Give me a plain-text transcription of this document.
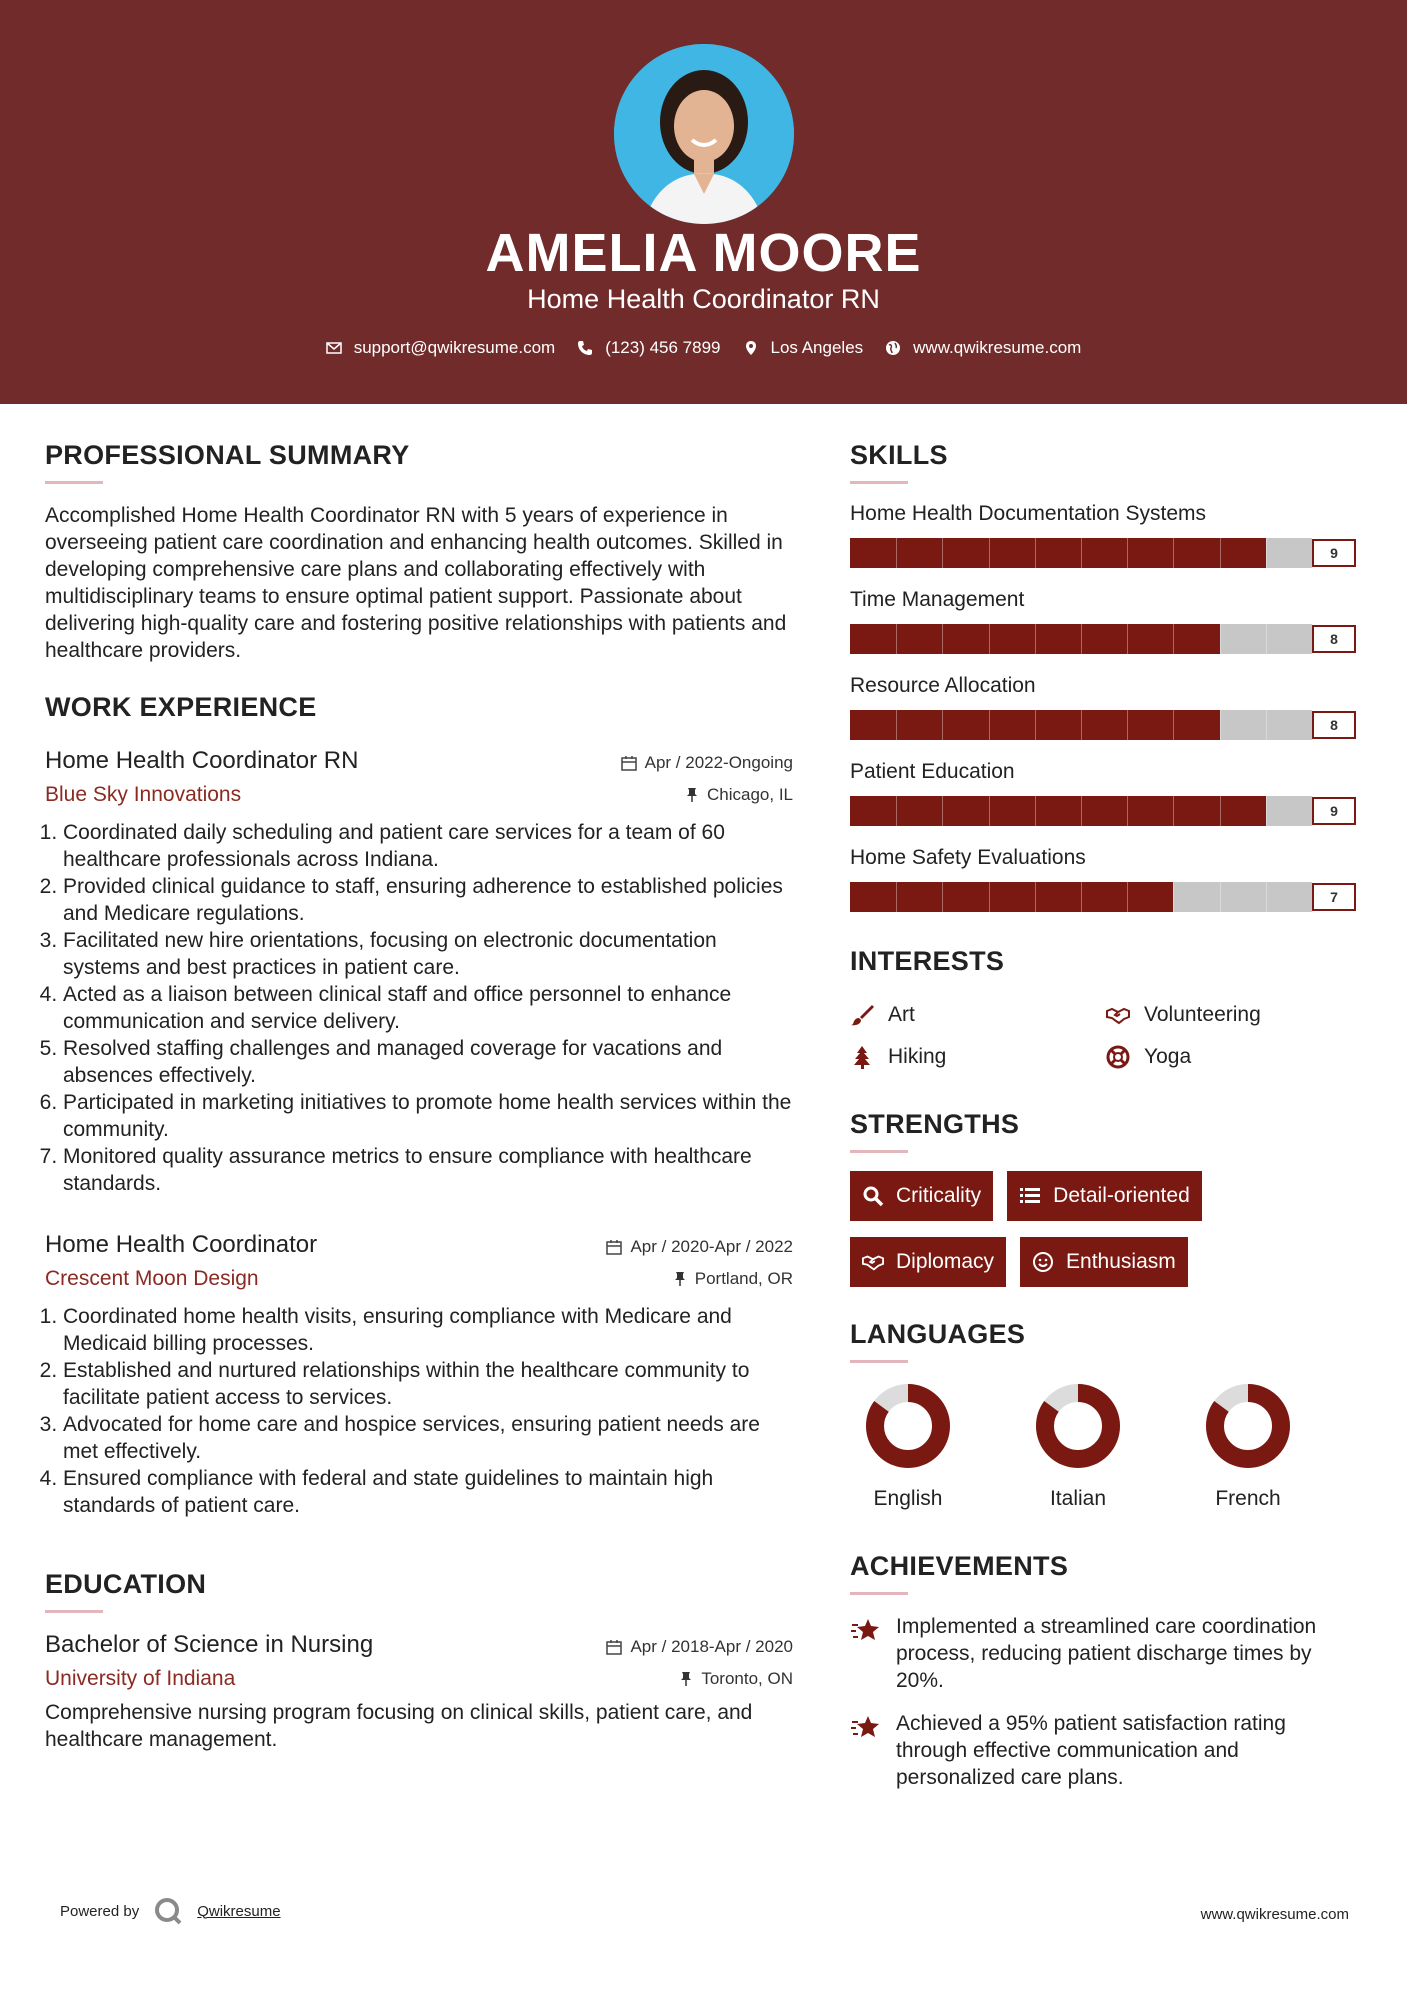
AMELIA MOORE
Home Health Coordinator RN
support@qwikresume.com	(123) 456 7899	Los Angeles	www.qwikresume.com
PROFESSIONAL SUMMARY
Accomplished Home Health Coordinator RN with 5 years of experience in overseeing patient care coordination and enhancing health outcomes. Skilled in developing comprehensive care plans and collaborating effectively with multidisciplinary teams to ensure optimal patient support. Passionate about delivering high-quality care and fostering positive relationships with patients and healthcare providers.
WORK EXPERIENCE
Home Health Coordinator RN	Apr / 2022-Ongoing
Blue Sky Innovations	Chicago, IL
1. Coordinated daily scheduling and patient care services for a team of 60 healthcare professionals across Indiana.
2. Provided clinical guidance to staff, ensuring adherence to established policies and Medicare regulations.
3. Facilitated new hire orientations, focusing on electronic documentation systems and best practices in patient care.
4. Acted as a liaison between clinical staff and office personnel to enhance communication and service delivery.
5. Resolved staffing challenges and managed coverage for vacations and absences effectively.
6. Participated in marketing initiatives to promote home health services within the community.
7. Monitored quality assurance metrics to ensure compliance with healthcare standards.
Home Health Coordinator	Apr / 2020-Apr / 2022
Crescent Moon Design	Portland, OR
1. Coordinated home health visits, ensuring compliance with Medicare and Medicaid billing processes.
2. Established and nurtured relationships within the healthcare community to facilitate patient access to services.
3. Advocated for home care and hospice services, ensuring patient needs are met effectively.
4. Ensured compliance with federal and state guidelines to maintain high standards of patient care.
EDUCATION
Bachelor of Science in Nursing	Apr / 2018-Apr / 2020
University of Indiana	Toronto, ON
Comprehensive nursing program focusing on clinical skills, patient care, and healthcare management.
SKILLS
Home Health Documentation Systems
9
Time Management
8
Resource Allocation
8
Patient Education
9
Home Safety Evaluations
7
INTERESTS
Art	Volunteering
Hiking	Yoga
STRENGTHS
Criticality	Detail-oriented
Diplomacy	Enthusiasm
LANGUAGES
English	Italian	French
ACHIEVEMENTS
Implemented a streamlined care coordination process, reducing patient discharge times by 20%.
Achieved a 95% patient satisfaction rating through effective communication and personalized care plans.
Powered by	Qwikresume	www.qwikresume.com
